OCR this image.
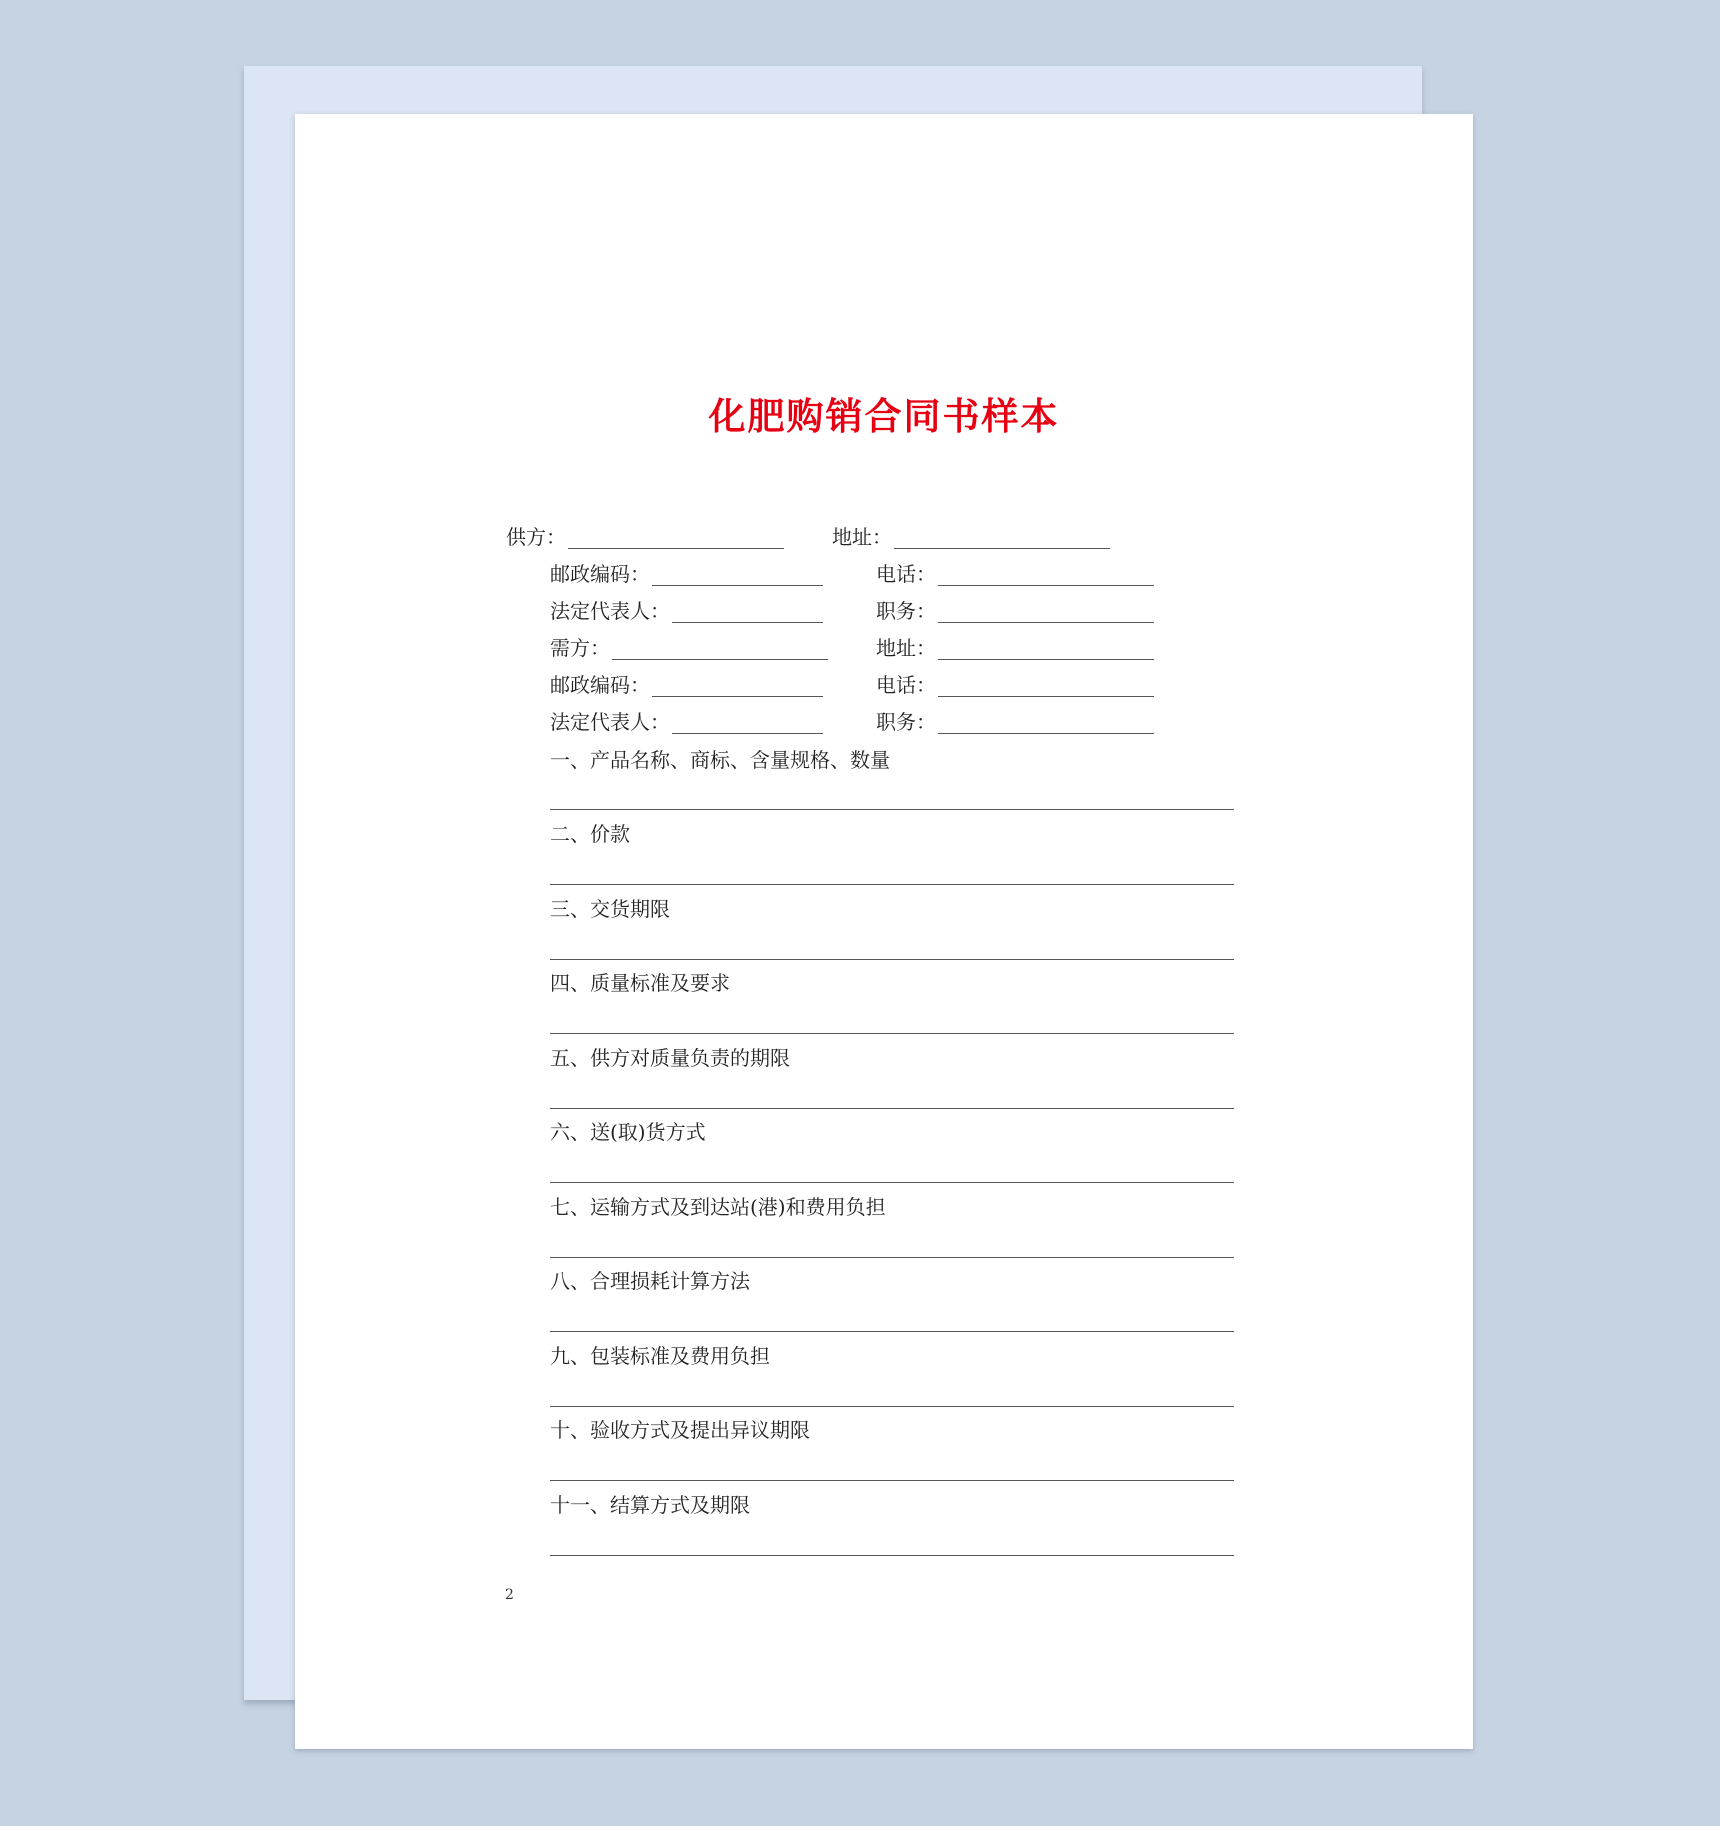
化肥购销合同书样本
供方：	地址：
邮政编码：	电话：
法定代表人：	职务：
需方：	地址：
邮政编码：	电话：
法定代表人：	职务：
一、产品名称、商标、含量规格、数量
二、价款
三、交货期限
四、质量标准及要求
五、供方对质量负责的期限
六、送(取)货方式
七、运输方式及到达站(港)和费用负担
八、合理损耗计算方法
九、包装标准及费用负担
十、验收方式及提出异议期限
十一、结算方式及期限
2
